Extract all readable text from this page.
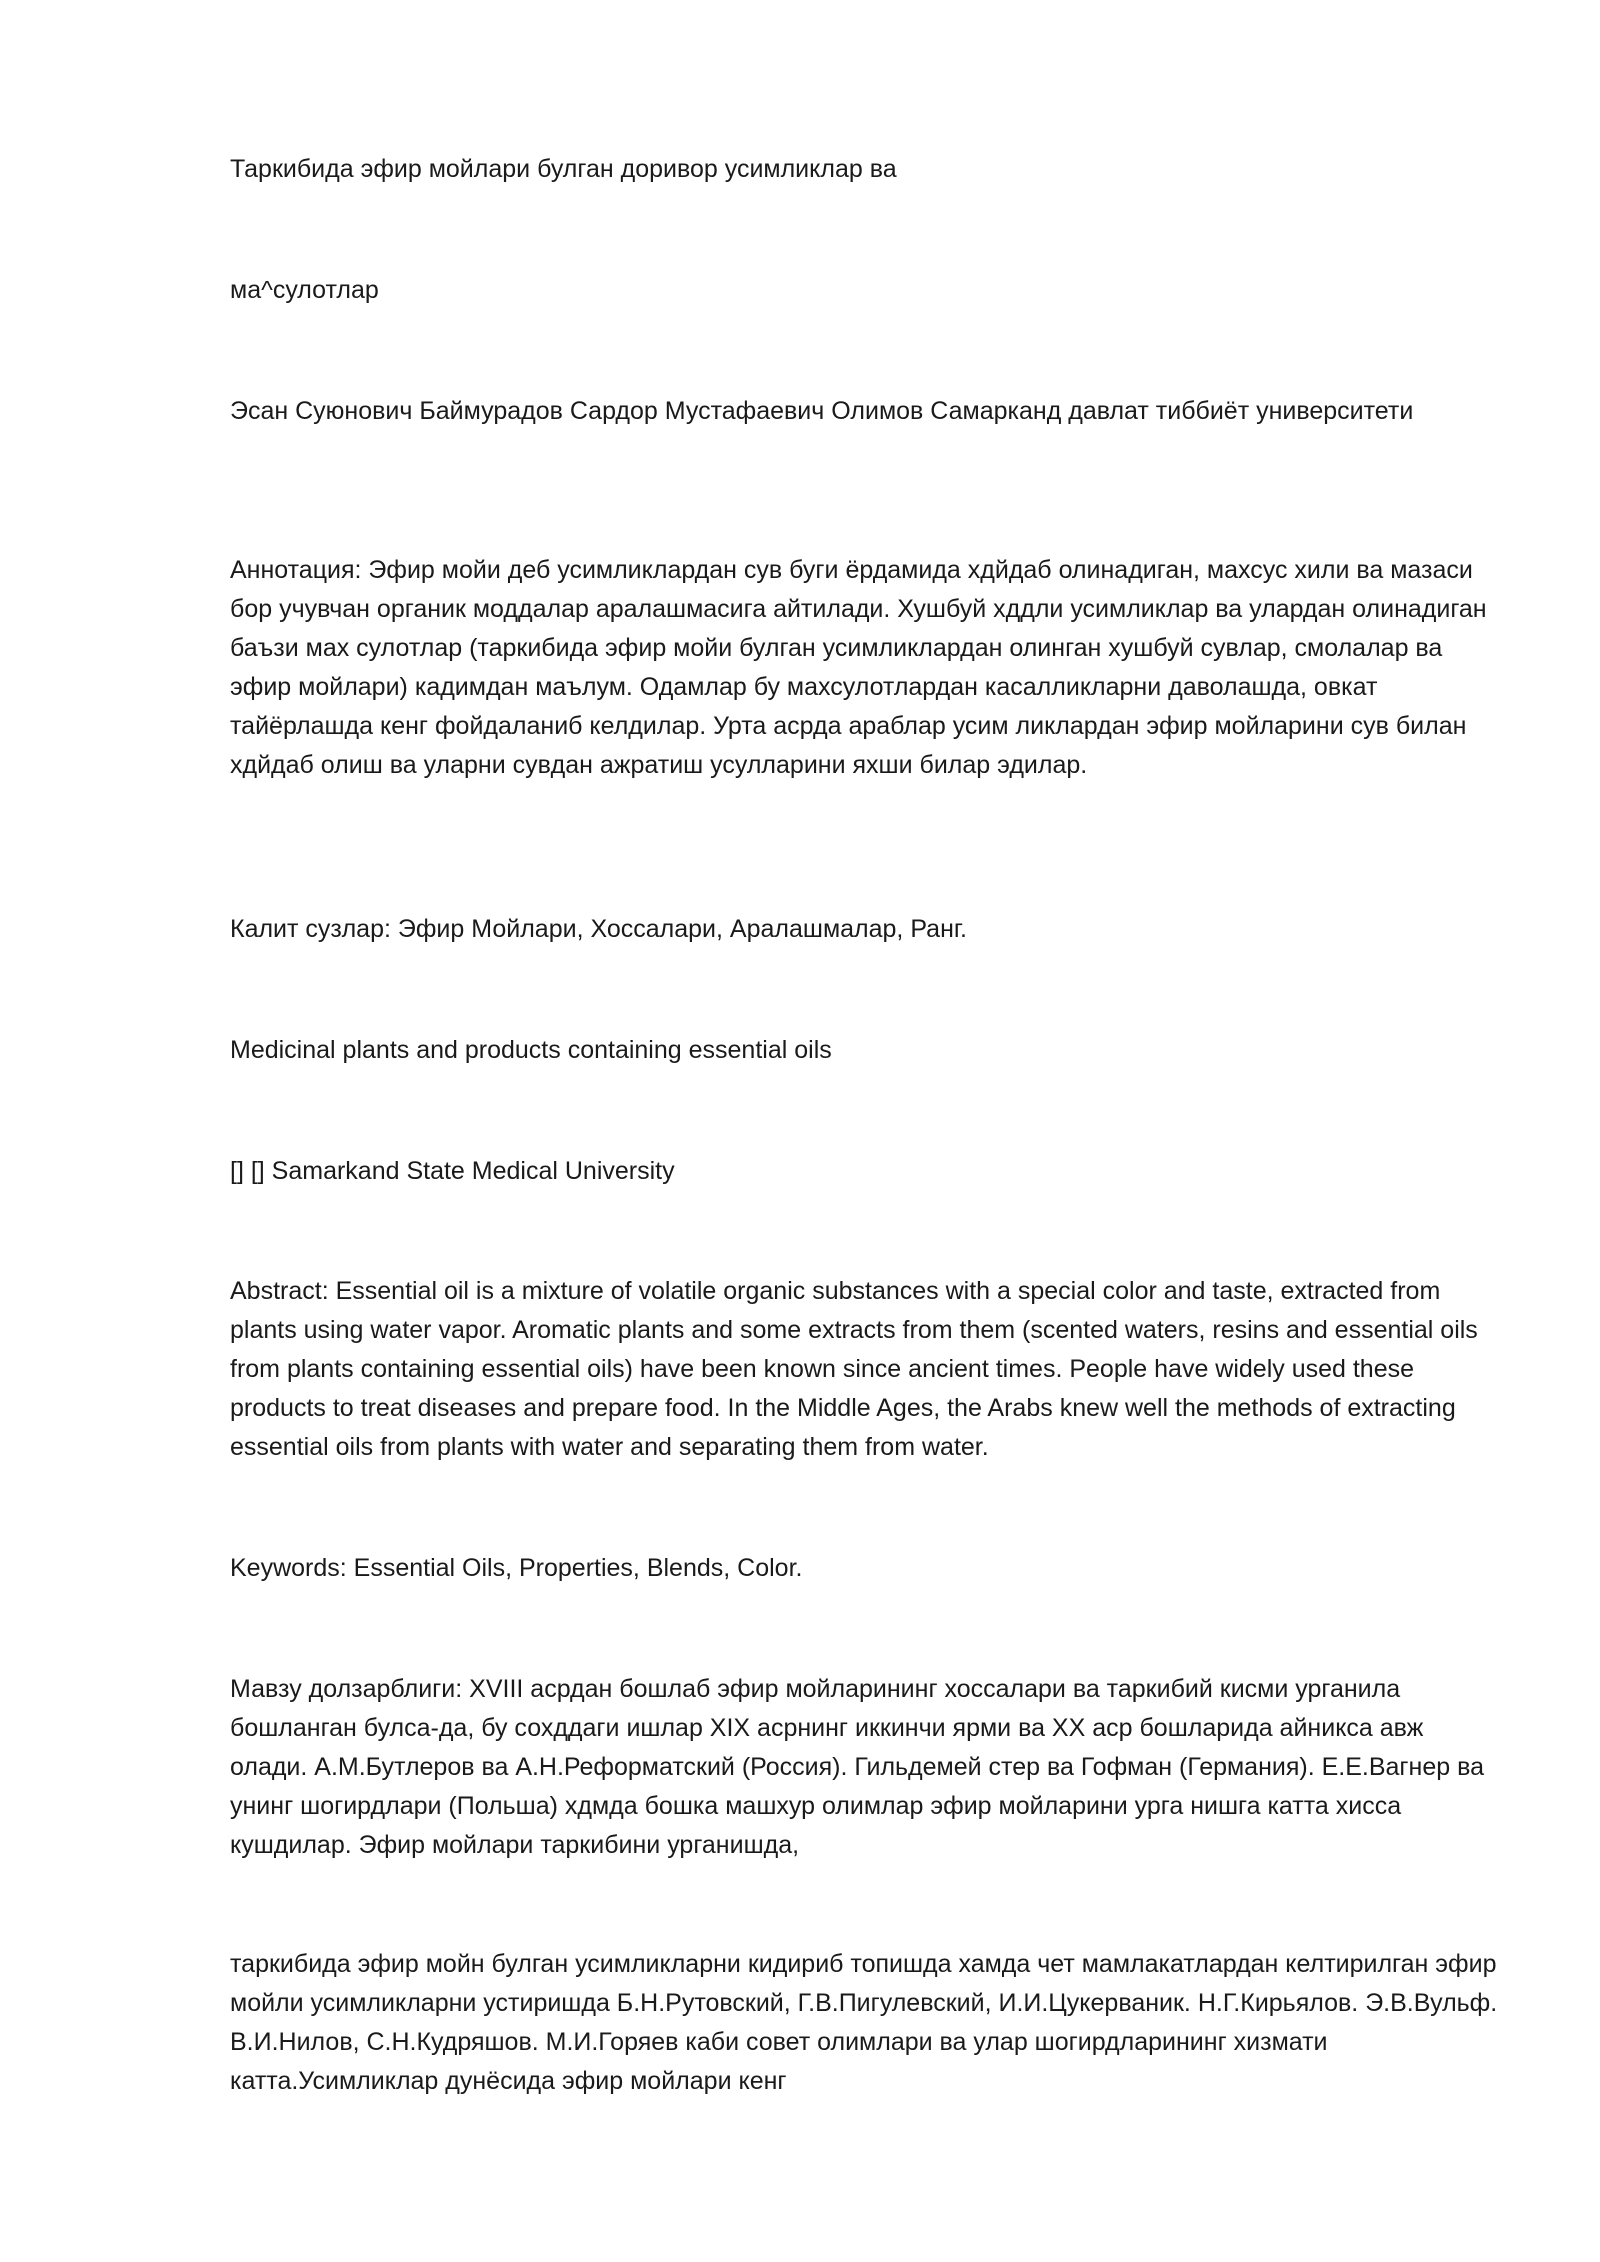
Таркибида эфир мойлари булган доривор усимликлар ва

ма^сулотлар

Эсан Суюнович Баймурадов Сардор Мустафаевич Олимов Самарканд давлат тиббиёт университети

Аннотация: Эфир мойи деб усимликлардан сув буги ёрдамида хдйдаб олинадиган, махсус хили ва мазаси бор учувчан органик моддалар аралашмасига айтилади. Хушбуй хддли усимликлар ва улардан олинадиган баъзи мах сулотлар (таркибида эфир мойи булган усимликлардан олинган хушбуй сувлар, смолалар ва эфир мойлари) кадимдан маълум. Одамлар бу махсулотлардан касалликларни даволашда, овкат тайёрлашда кенг фойдаланиб келдилар. Урта асрда араблар усим ликлардан эфир мойларини сув билан хдйдаб олиш ва уларни сувдан ажратиш усулларини яхши билар эдилар.

Калит сузлар: Эфир Мойлари, Хоссалари, Аралашмалар, Ранг.

Medicinal plants and products containing essential oils

[] [] Samarkand State Medical University

Abstract: Essential oil is a mixture of volatile organic substances with a special color and taste, extracted from plants using water vapor. Aromatic plants and some extracts from them (scented waters, resins and essential oils from plants containing essential oils) have been known since ancient times. People have widely used these products to treat diseases and prepare food. In the Middle Ages, the Arabs knew well the methods of extracting essential oils from plants with water and separating them from water.

Keywords: Essential Oils, Properties, Blends, Color.

Мавзу долзарблиги: XVIII асрдан бошлаб эфир мойларининг хоссалари ва таркибий кисми урганила бошланган булса-да, бу сохддаги ишлар XIX асрнинг иккинчи ярми ва XX аср бошларида айникса авж олади. А.М.Бутлеров ва А.Н.Реформатский (Россия). Гильдемей стер ва Гофман (Германия). Е.Е.Вагнер ва унинг шогирдлари (Польша) хдмда бошка машхур олимлар эфир мойларини урга нишга катта хисса кушдилар. Эфир мойлари таркибини урганишда,

таркибида эфир мойн булган усимликларни кидириб топишда хамда чет мамлакатлардан келтирилган эфир мойли усимликларни устиришда Б.Н.Рутовский, Г.В.Пигулевский, И.И.Цукерваник. Н.Г.Кирьялов. Э.В.Вульф. В.И.Нилов, С.Н.Кудряшов. М.И.Горяев каби совет олимлари ва улар шогирдларининг хизмати катта.Усимликлар дунёсида эфир мойлари кенг
